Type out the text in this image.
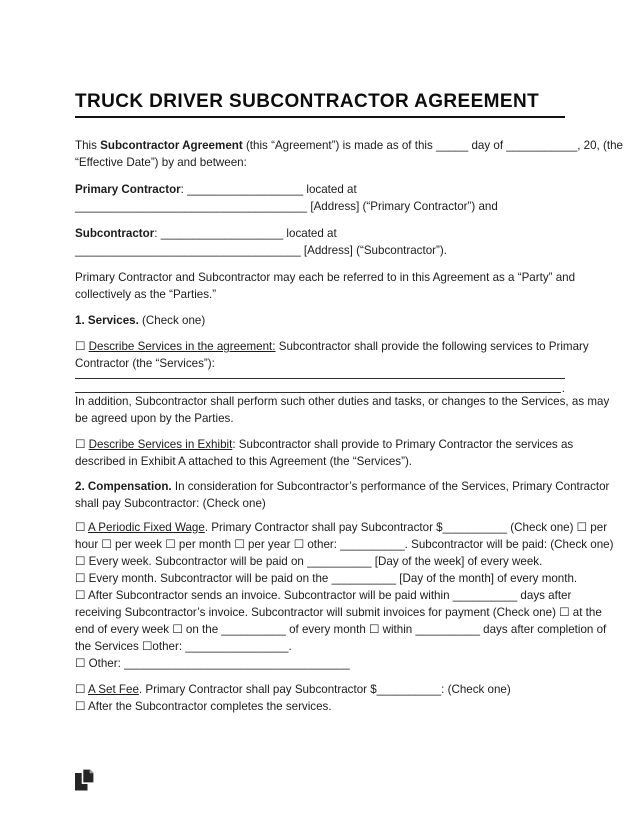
TRUCK DRIVER SUBCONTRACTOR AGREEMENT
This Subcontractor Agreement (this “Agreement”) is made as of this _____ day of ___________, 20, (the
“Effective Date”) by and between:
Primary Contractor: __________________ located at
____________________________________ [Address] (“Primary Contractor”) and
Subcontractor: ___________________ located at
___________________________________ [Address] (“Subcontractor”).
Primary Contractor and Subcontractor may each be referred to in this Agreement as a “Party” and
collectively as the “Parties.”
1. Services. (Check one)
☐ Describe Services in the agreement: Subcontractor shall provide the following services to Primary
Contractor (the “Services”):
.
In addition, Subcontractor shall perform such other duties and tasks, or changes to the Services, as may
be agreed upon by the Parties.
☐ Describe Services in Exhibit: Subcontractor shall provide to Primary Contractor the services as
described in Exhibit A attached to this Agreement (the “Services”).
2. Compensation. In consideration for Subcontractor’s performance of the Services, Primary Contractor
shall pay Subcontractor: (Check one)
☐ A Periodic Fixed Wage. Primary Contractor shall pay Subcontractor $__________ (Check one) ☐ per
hour ☐ per week ☐ per month ☐ per year ☐ other: __________. Subcontractor will be paid: (Check one)
☐ Every week. Subcontractor will be paid on __________ [Day of the week] of every week.
☐ Every month. Subcontractor will be paid on the __________ [Day of the month] of every month.
☐ After Subcontractor sends an invoice. Subcontractor will be paid within __________ days after
receiving Subcontractor’s invoice. Subcontractor will submit invoices for payment (Check one) ☐ at the
end of every week ☐ on the __________ of every month ☐ within __________ days after completion of
the Services ☐other: ________________.
☐ Other: ___________________________________
☐ A Set Fee. Primary Contractor shall pay Subcontractor $__________: (Check one)
☐ After the Subcontractor completes the services.
